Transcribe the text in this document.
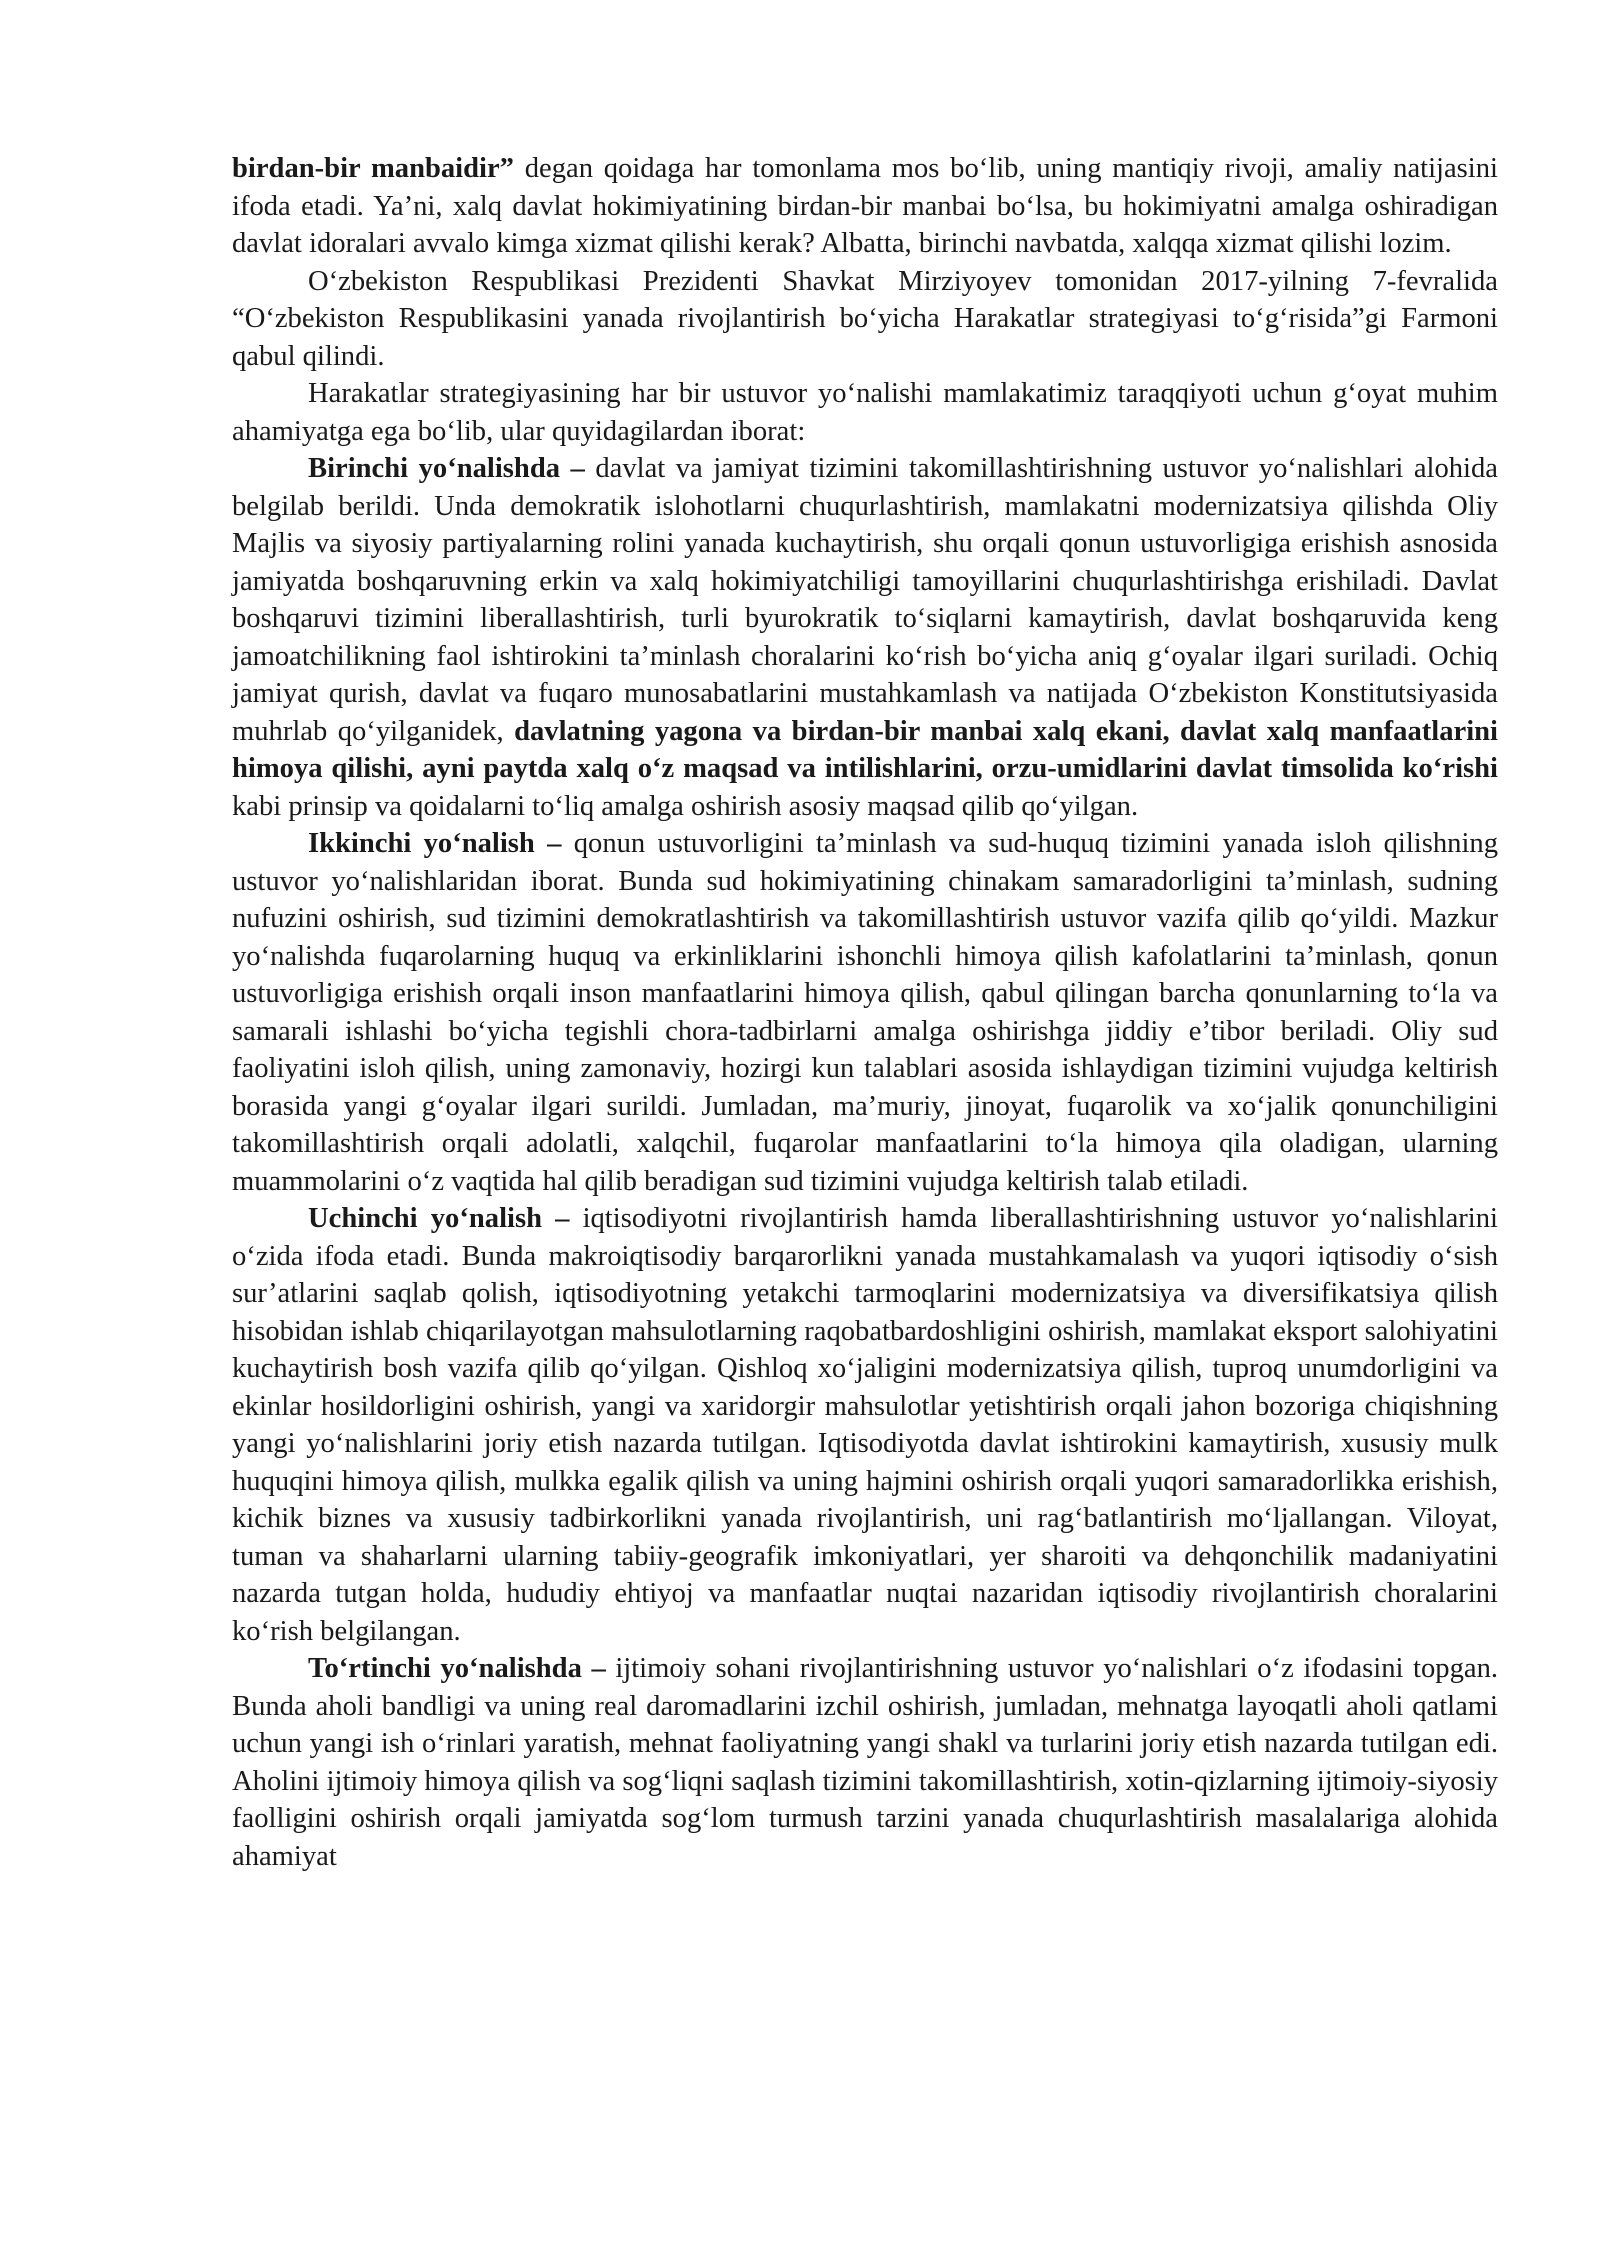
birdan-bir manbaidir” degan qoidaga har tomonlama mos bo‘lib, uning mantiqiy rivoji, amaliy natijasini ifoda etadi. Ya’ni, xalq davlat hokimiyatining birdan-bir manbai bo‘lsa, bu hokimiyatni amalga oshiradigan davlat idoralari avvalo kimga xizmat qilishi kerak? Albatta, birinchi navbatda, xalqqa xizmat qilishi lozim.

O‘zbekiston Respublikasi Prezidenti Shavkat Mirziyoyev tomonidan 2017-yilning 7-fevralida “O‘zbekiston Respublikasini yanada rivojlantirish bo‘yicha Harakatlar strategiyasi to‘g‘risida”gi Farmoni qabul qilindi.

Harakatlar strategiyasining har bir ustuvor yo‘nalishi mamlakatimiz taraqqiyoti uchun g‘oyat muhim ahamiyatga ega bo‘lib, ular quyidagilardan iborat:

Birinchi yo‘nalishda – davlat va jamiyat tizimini takomillashtirishning ustuvor yo‘nalishlari alohida belgilab berildi. Unda demokratik islohotlarni chuqurlashtirish, mamlakatni modernizatsiya qilishda Oliy Majlis va siyosiy partiyalarning rolini yanada kuchaytirish, shu orqali qonun ustuvorligiga erishish asnosida jamiyatda boshqaruvning erkin va xalq hokimiyatchiligi tamoyillarini chuqurlashtirishga erishiladi. Davlat boshqaruvi tizimini liberallashtirish, turli byurokratik to‘siqlarni kamaytirish, davlat boshqaruvida keng jamoatchilikning faol ishtirokini ta’minlash choralarini ko‘rish bo‘yicha aniq g‘oyalar ilgari suriladi. Ochiq jamiyat qurish, davlat va fuqaro munosabatlarini mustahkamlash va natijada O‘zbekiston Konstitutsiyasida muhrlab qo‘yilganidek, davlatning yagona va birdan-bir manbai xalq ekani, davlat xalq manfaatlarini himoya qilishi, ayni paytda xalq o‘z maqsad va intilishlarini, orzu-umidlarini davlat timsolida ko‘rishi kabi prinsip va qoidalarni to‘liq amalga oshirish asosiy maqsad qilib qo‘yilgan.

Ikkinchi yo‘nalish – qonun ustuvorligini ta’minlash va sud-huquq tizimini yanada isloh qilishning ustuvor yo‘nalishlaridan iborat. Bunda sud hokimiyatining chinakam samaradorligini ta’minlash, sudning nufuzini oshirish, sud tizimini demokratlashtirish va takomillashtirish ustuvor vazifa qilib qo‘yildi. Mazkur yo‘nalishda fuqarolarning huquq va erkinliklarini ishonchli himoya qilish kafolatlarini ta’minlash, qonun ustuvorligiga erishish orqali inson manfaatlarini himoya qilish, qabul qilingan barcha qonunlarning to‘la va samarali ishlashi bo‘yicha tegishli chora-tadbirlarni amalga oshirishga jiddiy e’tibor beriladi. Oliy sud faoliyatini isloh qilish, uning zamonaviy, hozirgi kun talablari asosida ishlaydigan tizimini vujudga keltirish borasida yangi g‘oyalar ilgari surildi. Jumladan, ma’muriy, jinoyat, fuqarolik va xo‘jalik qonunchiligini takomillashtirish orqali adolatli, xalqchil, fuqarolar manfaatlarini to‘la himoya qila oladigan, ularning muammolarini o‘z vaqtida hal qilib beradigan sud tizimini vujudga keltirish talab etiladi.

Uchinchi yo‘nalish – iqtisodiyotni rivojlantirish hamda liberallashtirishning ustuvor yo‘nalishlarini o‘zida ifoda etadi. Bunda makroiqtisodiy barqarorlikni yanada mustahkamalash va yuqori iqtisodiy o‘sish sur’atlarini saqlab qolish, iqtisodiyotning yetakchi tarmoqlarini modernizatsiya va diversifikatsiya qilish hisobidan ishlab chiqarilayotgan mahsulotlarning raqobatbardoshligini oshirish, mamlakat eksport salohiyatini kuchaytirish bosh vazifa qilib qo‘yilgan. Qishloq xo‘jaligini modernizatsiya qilish, tuproq unumdorligini va ekinlar hosildorligini oshirish, yangi va xaridorgir mahsulotlar yetishtirish orqali jahon bozoriga chiqishning yangi yo‘nalishlarini joriy etish nazarda tutilgan. Iqtisodiyotda davlat ishtirokini kamaytirish, xususiy mulk huquqini himoya qilish, mulkka egalik qilish va uning hajmini oshirish orqali yuqori samaradorlikka erishish, kichik biznes va xususiy tadbirkorlikni yanada rivojlantirish, uni rag‘batlantirish mo‘ljallangan. Viloyat, tuman va shaharlarni ularning tabiiy-geografik imkoniyatlari, yer sharoiti va dehqonchilik madaniyatini nazarda tutgan holda, hududiy ehtiyoj va manfaatlar nuqtai nazaridan iqtisodiy rivojlantirish choralarini ko‘rish belgilangan.

To‘rtinchi yo‘nalishda – ijtimoiy sohani rivojlantirishning ustuvor yo‘nalishlari o‘z ifodasini topgan. Bunda aholi bandligi va uning real daromadlarini izchil oshirish, jumladan, mehnatga layoqatli aholi qatlami uchun yangi ish o‘rinlari yaratish, mehnat faoliyatning yangi shakl va turlarini joriy etish nazarda tutilgan edi. Aholini ijtimoiy himoya qilish va sog‘liqni saqlash tizimini takomillashtirish, xotin-qizlarning ijtimoiy-siyosiy faolligini oshirish orqali jamiyatda sog‘lom turmush tarzini yanada chuqurlashtirish masalalariga alohida ahamiyat
